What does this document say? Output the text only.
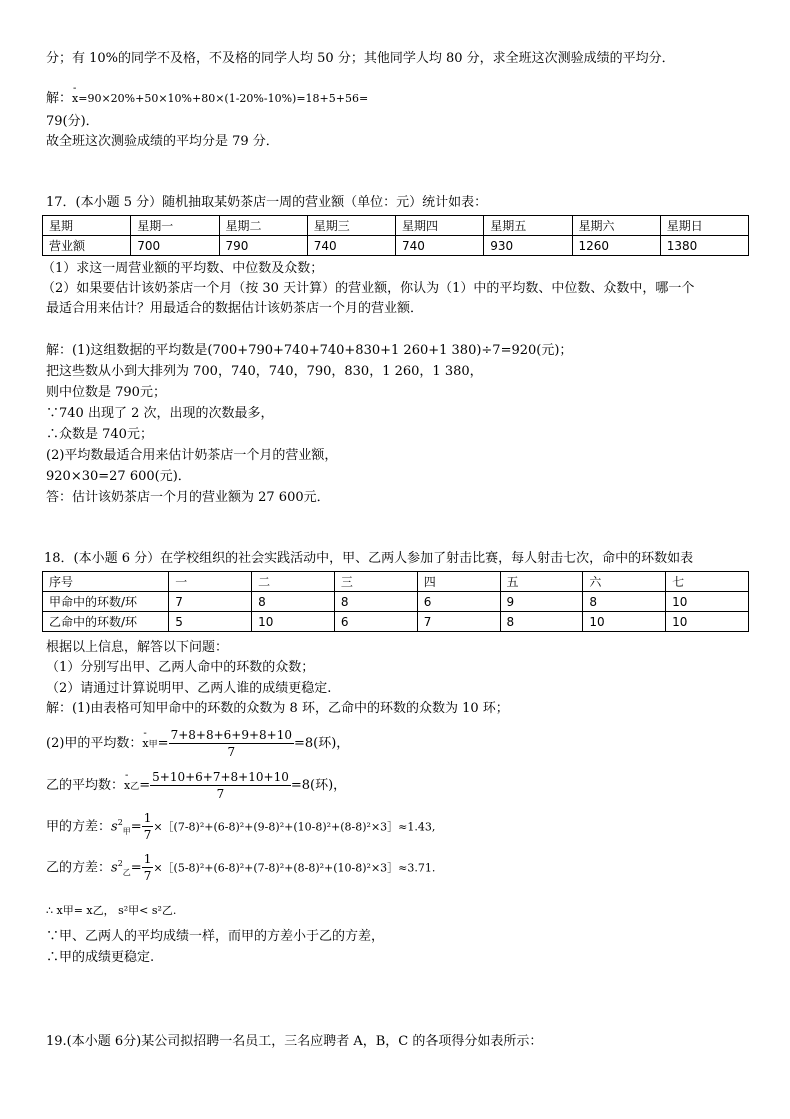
分；有 10%的同学不及格，不及格的同学人均 50 分；其他同学人均 80 分，求全班这次测验成绩的平均分．
解：- x=90×20%+50×10%+80×(1-20%-10%)=18+5+56=
79(分)．
故全班这次测验成绩的平均分是 79 分．
17．(本小题 5 分）随机抽取某奶茶店一周的营业额（单位：元）统计如表：
星期	星期一	星期二	星期三	星期四	星期五	星期六	星期日
营业额	700	790	740	740	930	1260	1380
（1）求这一周营业额的平均数、中位数及众数；
（2）如果要估计该奶茶店一个月（按 30 天计算）的营业额，你认为（1）中的平均数、中位数、众数中，哪一个
最适合用来估计？用最适合的数据估计该奶茶店一个月的营业额．
解：(1)这组数据的平均数是(700+790+740+740+830+1 260+1 380)÷7=920(元)；
把这些数从小到大排列为 700，740，740，790，830，1 260，1 380，
则中位数是 790元；
∵740 出现了 2 次，出现的次数最多，
∴众数是 740元；
(2)平均数最适合用来估计奶茶店一个月的营业额，
920×30=27 600(元)．
答：估计该奶茶店一个月的营业额为 27 600元．
18．(本小题 6 分）在学校组织的社会实践活动中，甲、乙两人参加了射击比赛，每人射击七次，命中的环数如表
序号	一	二	三	四	五	六	七
甲命中的环数/环	7	8	8	6	9	8	10
乙命中的环数/环	5	10	6	7	8	10	10
根据以上信息，解答以下问题：
（1）分别写出甲、乙两人命中的环数的众数；
（2）请通过计算说明甲、乙两人谁的成绩更稳定.
解：(1)由表格可知甲命中的环数的众数为 8 环，乙命中的环数的众数为 10 环；
(2)甲的平均数：- x甲= $\frac{7+8+8+6+9+8+10}{7} =8$(环)，
乙的平均数：- x乙= $\frac{5+10+6+7+8+10+10}{7} =8$(环)，
甲的方差：$s^2_甲= \frac{1}{7}$ ×［(7-8)²+(6-8)²+(9-8)²+(10-8)²+(8-8)²×3］≈1.43,
乙的方差：$s^2_乙= \frac{1}{7}$ ×［(5-8)²+(6-8)²+(7-8)²+(8-8)²+(10-8)²×3］≈3.71.
∴ x甲= x乙， s²甲< s²乙.
∵甲、乙两人的平均成绩一样，而甲的方差小于乙的方差，
∴甲的成绩更稳定.
19.(本小题 6分)某公司拟招聘一名员工，三名应聘者 A，B，C 的各项得分如表所示：
